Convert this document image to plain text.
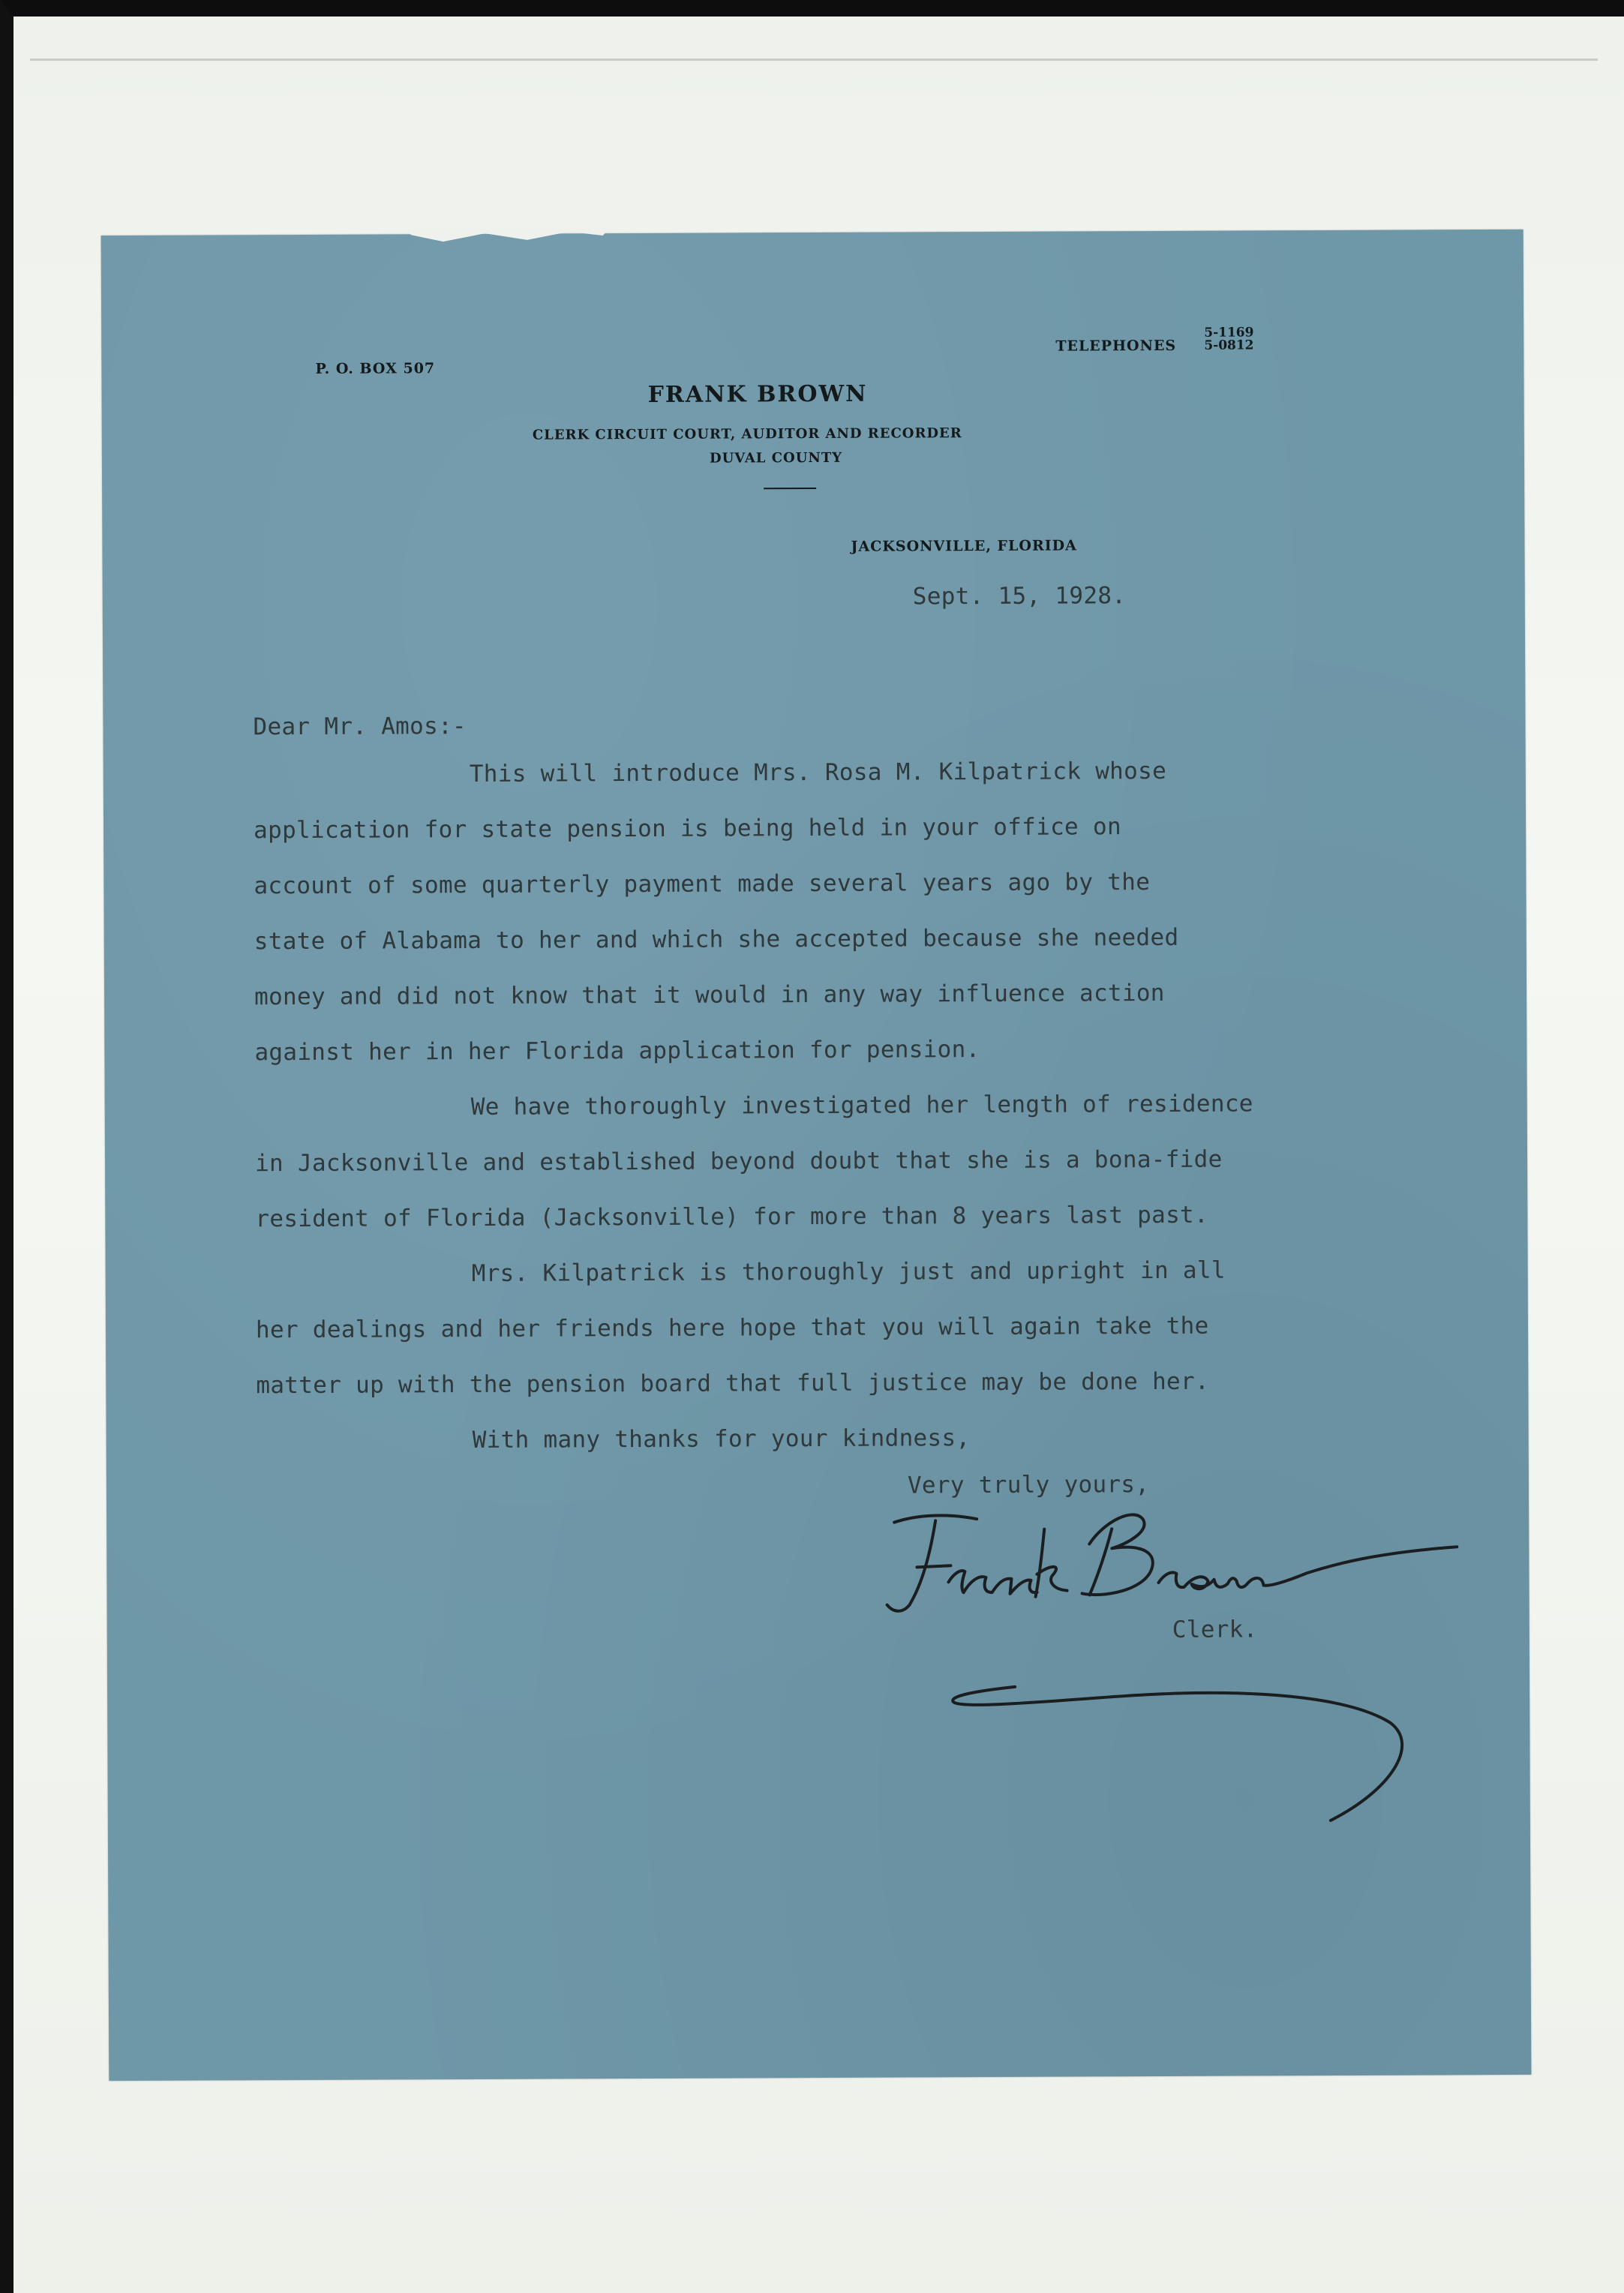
P. O. BOX 507
TELEPHONES
5-1169
5-0812
FRANK BROWN
CLERK CIRCUIT COURT, AUDITOR AND RECORDER
DUVAL COUNTY
JACKSONVILLE, FLORIDA
Sept. 15, 1928.
Dear Mr. Amos:-
This will introduce Mrs. Rosa M. Kilpatrick whose
application for state pension is being held in your office on
account of some quarterly payment made several years ago by the
state of Alabama to her and which she accepted because she needed
money and did not know that it would in any way influence action
against her in her Florida application for pension.
We have thoroughly investigated her length of residence
in Jacksonville and established beyond doubt that she is a bona-fide
resident of Florida (Jacksonville) for more than 8 years last past.
Mrs. Kilpatrick is thoroughly just and upright in all
her dealings and her friends here hope that you will again take the
matter up with the pension board that full justice may be done her.
With many thanks for your kindness,
Very truly yours,
Clerk.
